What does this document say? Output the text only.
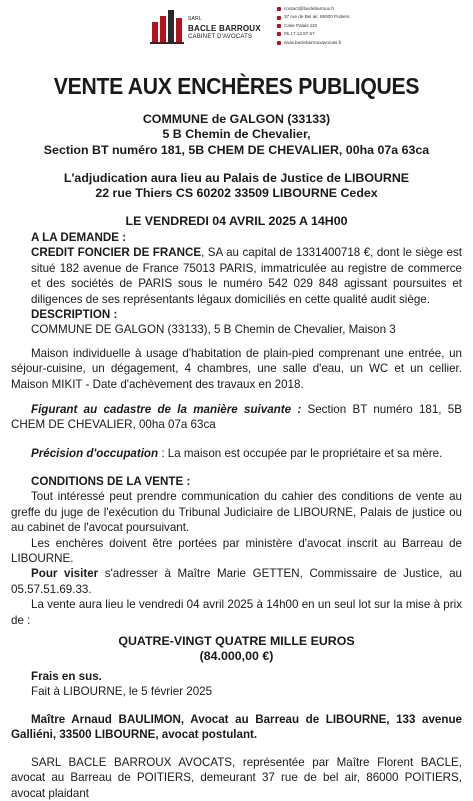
SARL
BACLE BARROUX
CABINET D'AVOCATS
contact@baclebarroux.fr
37 rue de Bel air, 86000 Poitiers
Case Palais 110
05.17.12.97.67
www.baclebarrouxavocats.fr
VENTE AUX ENCHÈRES PUBLIQUES
COMMUNE de GALGON (33133)
5 B Chemin de Chevalier,
Section BT numéro 181, 5B CHEM DE CHEVALIER, 00ha 07a 63ca
L'adjudication aura lieu au Palais de Justice de LIBOURNE
22 rue Thiers CS 60202 33509 LIBOURNE Cedex
LE VENDREDI 04 AVRIL 2025 A 14H00
A LA DEMANDE :
CREDIT FONCIER DE FRANCE, SA au capital de 1331400718 €, dont le siège est situé 182 avenue de France 75013 PARIS, immatriculée au registre de commerce et des sociétés de PARIS sous le numéro 542 029 848 agissant poursuites et diligences de ses représentants légaux domiciliés en cette qualité audit siège.
DESCRIPTION :
COMMUNE DE GALGON (33133), 5 B Chemin de Chevalier, Maison 3
Maison individuelle à usage d'habitation de plain-pied comprenant une entrée, un séjour-cuisine, un dégagement, 4 chambres, une salle d'eau, un WC et un cellier. Maison MIKIT - Date d'achèvement des travaux en 2018.
Figurant au cadastre de la manière suivante : Section BT numéro 181, 5B CHEM DE CHEVALIER, 00ha 07a 63ca
Précision d'occupation : La maison est occupée par le propriétaire et sa mère.
CONDITIONS DE LA VENTE :
Tout intéressé peut prendre communication du cahier des conditions de vente au greffe du juge de l'exécution du Tribunal Judiciaire de LIBOURNE, Palais de justice ou au cabinet de l'avocat poursuivant.
Les enchères doivent être portées par ministère d'avocat inscrit au Barreau de LIBOURNE.
Pour visiter s'adresser à Maître Marie GETTEN, Commissaire de Justice, au 05.57.51.69.33.
La vente aura lieu le vendredi 04 avril 2025 à 14h00 en un seul lot sur la mise à prix de :
QUATRE-VINGT QUATRE MILLE EUROS
(84.000,00 €)
Frais en sus.
Fait à LIBOURNE, le 5 février 2025
Maître Arnaud BAULIMON, Avocat au Barreau de LIBOURNE, 133 avenue Galliéni, 33500 LIBOURNE, avocat postulant.
SARL BACLE BARROUX AVOCATS, représentée par Maître Florent BACLE, avocat au Barreau de POITIERS, demeurant 37 rue de bel air, 86000 POITIERS, avocat plaidant
